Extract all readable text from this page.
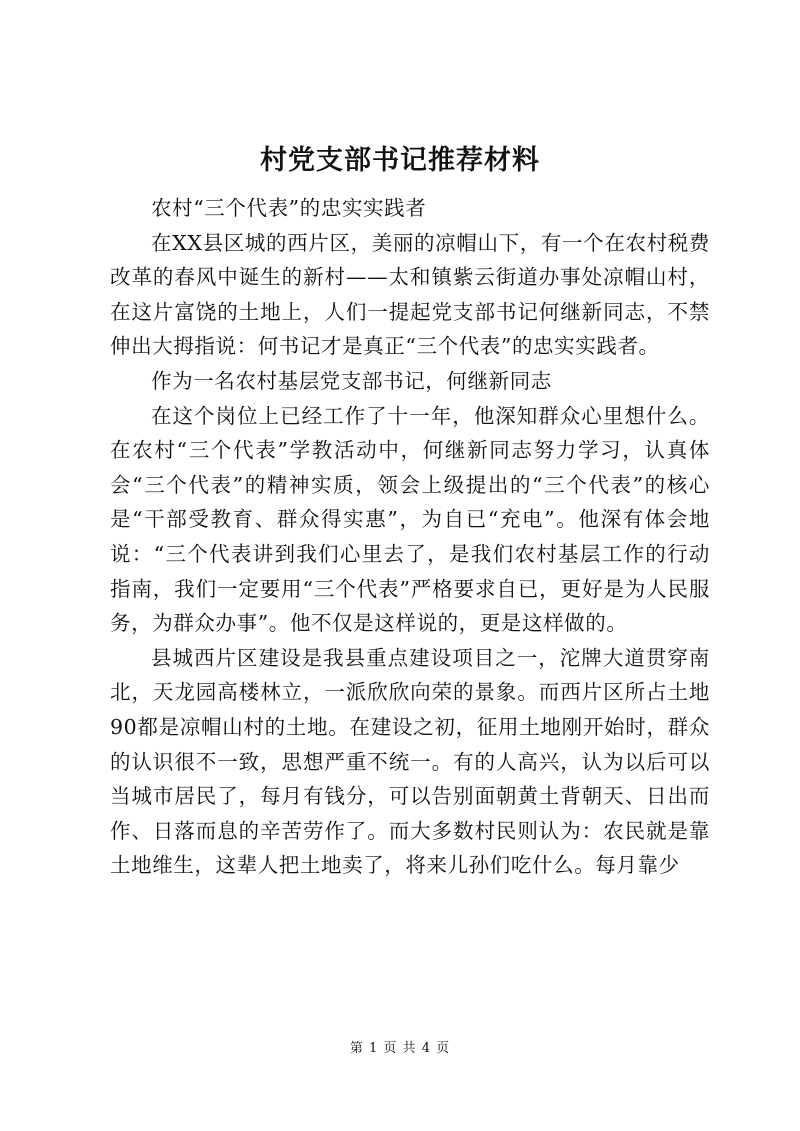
村党支部书记推荐材料

农村“三个代表”的忠实实践者

在XX县区城的西片区，美丽的凉帽山下，有一个在农村税费改革的春风中诞生的新村——太和镇紫云街道办事处凉帽山村，在这片富饶的土地上，人们一提起党支部书记何继新同志，不禁伸出大拇指说：何书记才是真正“三个代表”的忠实实践者。

作为一名农村基层党支部书记，何继新同志

在这个岗位上已经工作了十一年，他深知群众心里想什么。在农村“三个代表”学教活动中，何继新同志努力学习，认真体会“三个代表”的精神实质，领会上级提出的“三个代表”的核心是“干部受教育、群众得实惠”，为自已“充电”。他深有体会地说：“三个代表讲到我们心里去了，是我们农村基层工作的行动指南，我们一定要用“三个代表”严格要求自已，更好是为人民服务，为群众办事”。他不仅是这样说的，更是这样做的。

县城西片区建设是我县重点建设项目之一，沱牌大道贯穿南北，天龙园高楼林立，一派欣欣向荣的景象。而西片区所占土地90都是凉帽山村的土地。在建设之初，征用土地刚开始时，群众的认识很不一致，思想严重不统一。有的人高兴，认为以后可以当城市居民了，每月有钱分，可以告别面朝黄土背朝天、日出而作、日落而息的辛苦劳作了。而大多数村民则认为：农民就是靠土地维生，这辈人把土地卖了，将来儿孙们吃什么。每月靠少

第 1 页 共 4 页
